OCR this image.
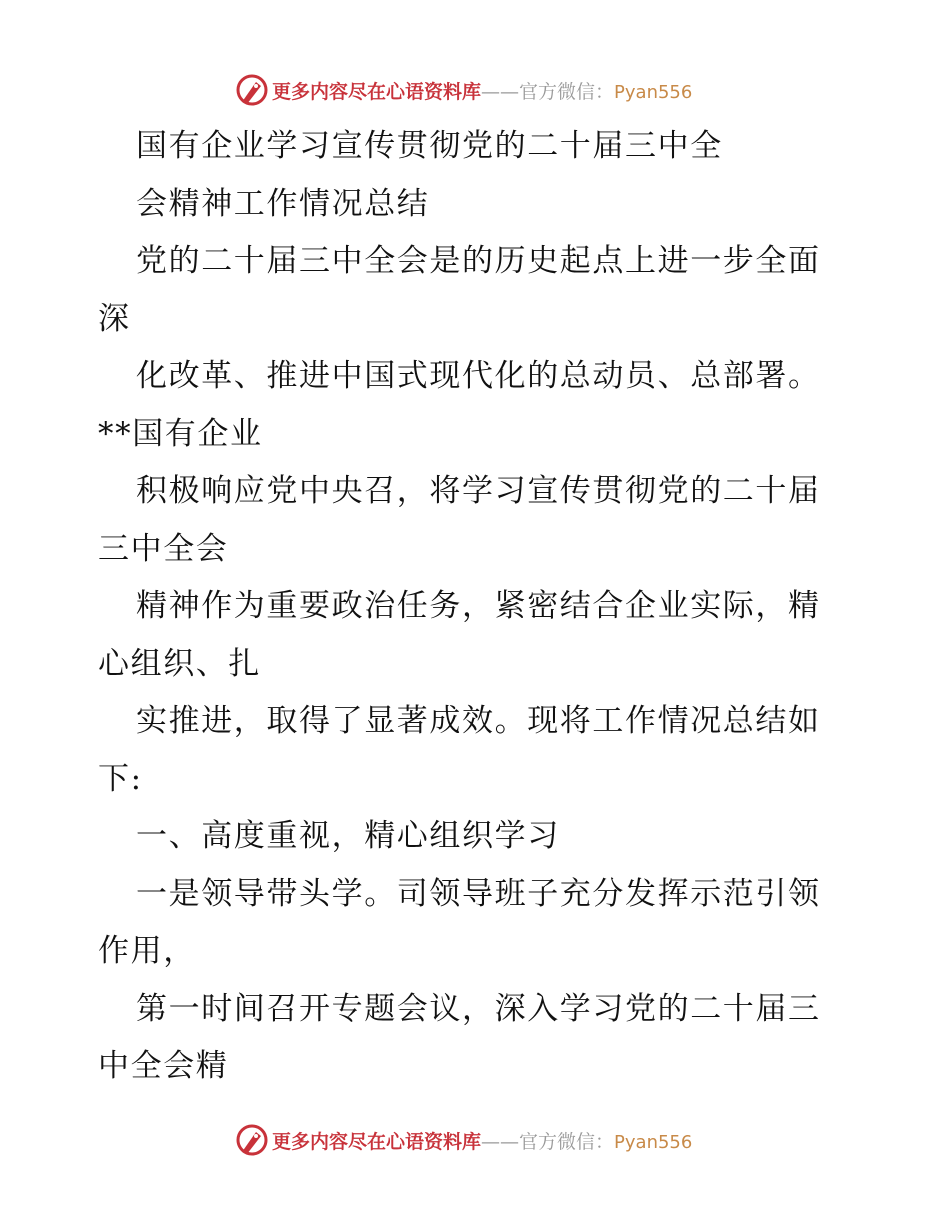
更多内容尽在心语资料库——官方微信：Pyan556
国有企业学习宣传贯彻党的二十届三中全
会精神工作情况总结
党的二十届三中全会是的历史起点上进一步全面
深
化改革、推进中国式现代化的总动员、总部署。
**国有企业
积极响应党中央召，将学习宣传贯彻党的二十届
三中全会
精神作为重要政治任务，紧密结合企业实际，精
心组织、扎
实推进，取得了显著成效。现将工作情况总结如
下:
一、高度重视，精心组织学习
一是领导带头学。司领导班子充分发挥示范引领
作用，
第一时间召开专题会议，深入学习党的二十届三
中全会精
更多内容尽在心语资料库——官方微信：Pyan556
